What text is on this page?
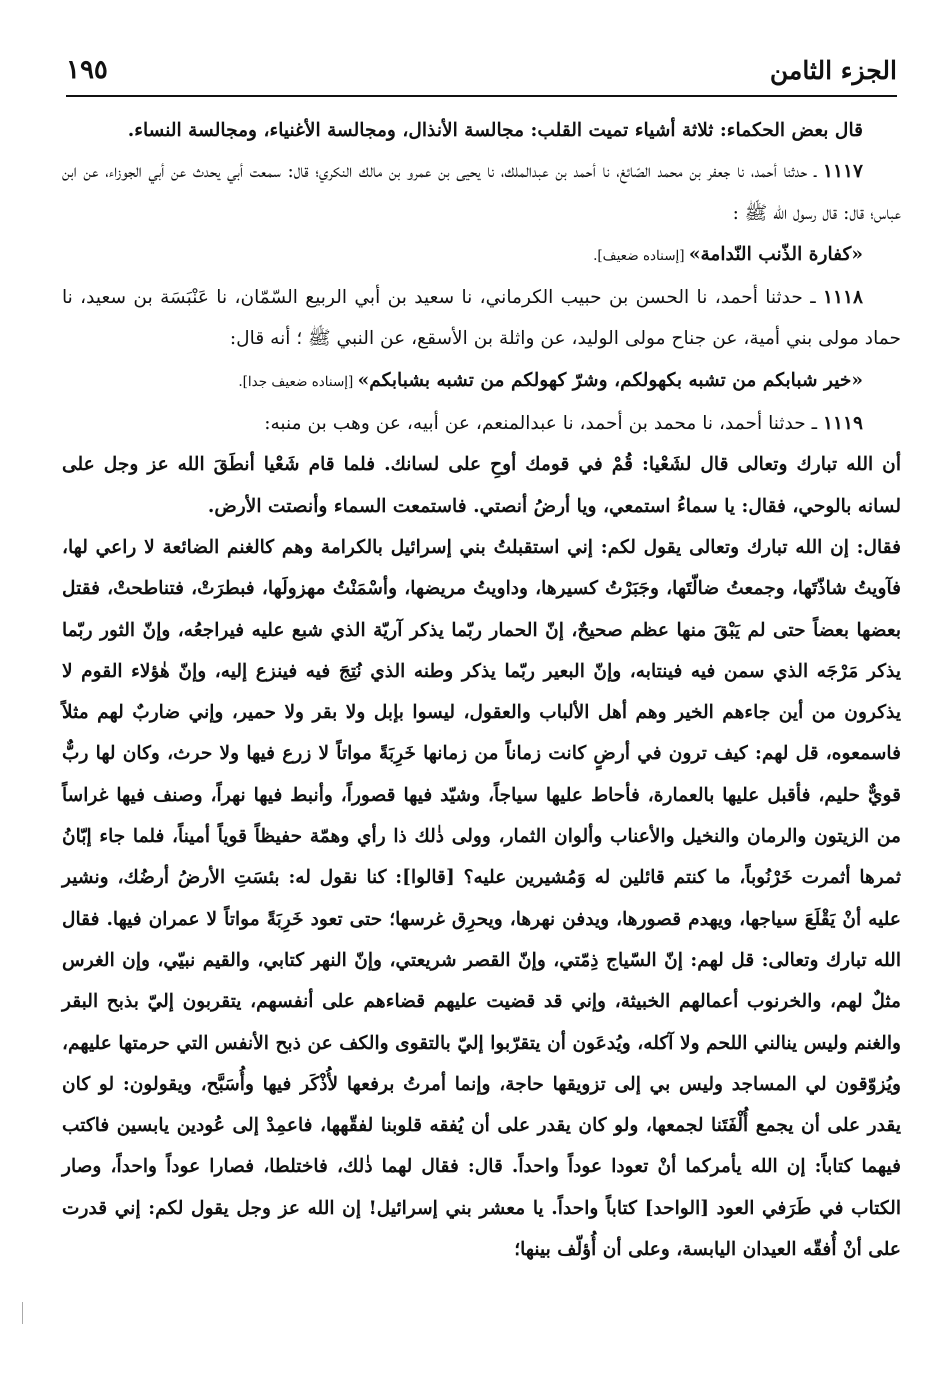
الجزء الثامن
١٩٥

قال بعض الحكماء: ثلاثة أشياء تميت القلب: مجالسة الأنذال، ومجالسة الأغنياء، ومجالسة النساء.

١١١٧ ـ حدثنا أحمد، نا جعفر بن محمد الصّائغ، نا أحمد بن عبدالملك، نا يحيى بن عمرو بن مالك النكري؛ قال: سمعت أبي يحدث عن أبي الجوزاء، عن ابن عباس؛ قال: قال رسول الله ﷺ :

«كفارة الذّنب النّدامة» [إسناده ضعيف].

١١١٨ ـ حدثنا أحمد، نا الحسن بن حبيب الكرماني، نا سعيد بن أبي الربيع السّمّان، نا عَنْبَسَة بن سعيد، نا حماد مولى بني أمية، عن جناح مولى الوليد، عن واثلة بن الأسقع، عن النبي ﷺ ؛ أنه قال:

«خير شبابكم من تشبه بكهولكم، وشرّ كهولكم من تشبه بشبابكم» [إسناده ضعيف جدا].

١١١٩ ـ حدثنا أحمد، نا محمد بن أحمد، نا عبدالمنعم، عن أبيه، عن وهب بن منبه:

أن الله تبارك وتعالى قال لشَعْيا: قُمْ في قومك أوحِ على لسانك. فلما قام شَعْيا أنطَقَ الله عز وجل على لسانه بالوحي، فقال: يا سماءُ استمعي، ويا أرضُ أنصتي. فاستمعت السماء وأنصتت الأرض.

فقال: إن الله تبارك وتعالى يقول لكم: إني استقبلتُ بني إسرائيل بالكرامة وهم كالغنم الضائعة لا راعي لها، فآويتُ شاذّتَها، وجمعتُ ضالّتَها، وجَبَرْتُ كسيرها، وداويتُ مريضها، وأسْمَنْتُ مهزولَها، فبطرَتْ، فتناطحتْ، فقتل بعضها بعضاً حتى لم يَبْقَ منها عظم صحيحٌ، إنّ الحمار ربّما يذكر آريّة الذي شبع عليه فيراجعُه، وإنّ الثور ربّما يذكر مَرْجَه الذي سمن فيه فينتابه، وإنّ البعير ربّما يذكر وطنه الذي نُتِجَ فيه فينزع إليه، وإنّ هٰؤلاء القوم لا يذكرون من أين جاءهم الخير وهم أهل الألباب والعقول، ليسوا بإبل ولا بقر ولا حمير، وإني ضاربٌ لهم مثلاً فاسمعوه، قل لهم: كيف ترون في أرضٍ كانت زماناً من زمانها خَرِبَةً مواتاً لا زرع فيها ولا حرث، وكان لها ربٌّ قويٌّ حليم، فأقبل عليها بالعمارة، فأحاط عليها سياجاً، وشيّد فيها قصوراً، وأنبط فيها نهراً، وصنف فيها غراساً من الزيتون والرمان والنخيل والأعناب وألوان الثمار، وولى ذٰلك ذا رأي وهمّة حفيظاً قوياً أميناً، فلما جاء إبّانُ ثمرها أثمرت خَرْنُوباً، ما كنتم قائلين له وَمُشيرين عليه؟ [قالوا]: كنا نقول له: بئسَتِ الأرضُ أرضُك، ونشير عليه أنْ يَقْلَعَ سياجها، ويهدم قصورها، ويدفن نهرها، ويحرِق غرسها؛ حتى تعود خَرِبَةً مواتاً لا عمران فيها. فقال الله تبارك وتعالى: قل لهم: إنّ السّياج ذِمّتي، وإنّ القصر شريعتي، وإنّ النهر كتابي، والقيم نبيّي، وإن الغرس مثلٌ لهم، والخرنوب أعمالهم الخبيثة، وإني قد قضيت عليهم قضاءهم على أنفسهم، يتقربون إليّ بذبح البقر والغنم وليس ينالني اللحم ولا آكله، ويُدعَون أن يتقرّبوا إليّ بالتقوى والكف عن ذبح الأنفس التي حرمتها عليهم، ويُزوّقون لي المساجد وليس بي إلى تزويقها حاجة، وإنما أمرتُ برفعها لأُذْكَر فيها وأُسَبَّح، ويقولون: لو كان يقدر على أن يجمع أُلْفَتَنا لجمعها، ولو كان يقدر على أن يُفقه قلوبنا لفقّهها، فاعمِدْ إلى عُودين يابسين فاكتب فيهما كتاباً: إن الله يأمركما أنْ تعودا عوداً واحداً. قال: فقال لهما ذٰلك، فاختلطا، فصارا عوداً واحداً، وصار الكتاب في طَرَفي العود [الواحد] كتاباً واحداً. يا معشر بني إسرائيل! إن الله عز وجل يقول لكم: إني قدرت على أنْ أُفقّه العيدان اليابسة، وعلى أن أُؤلّف بينها؛
